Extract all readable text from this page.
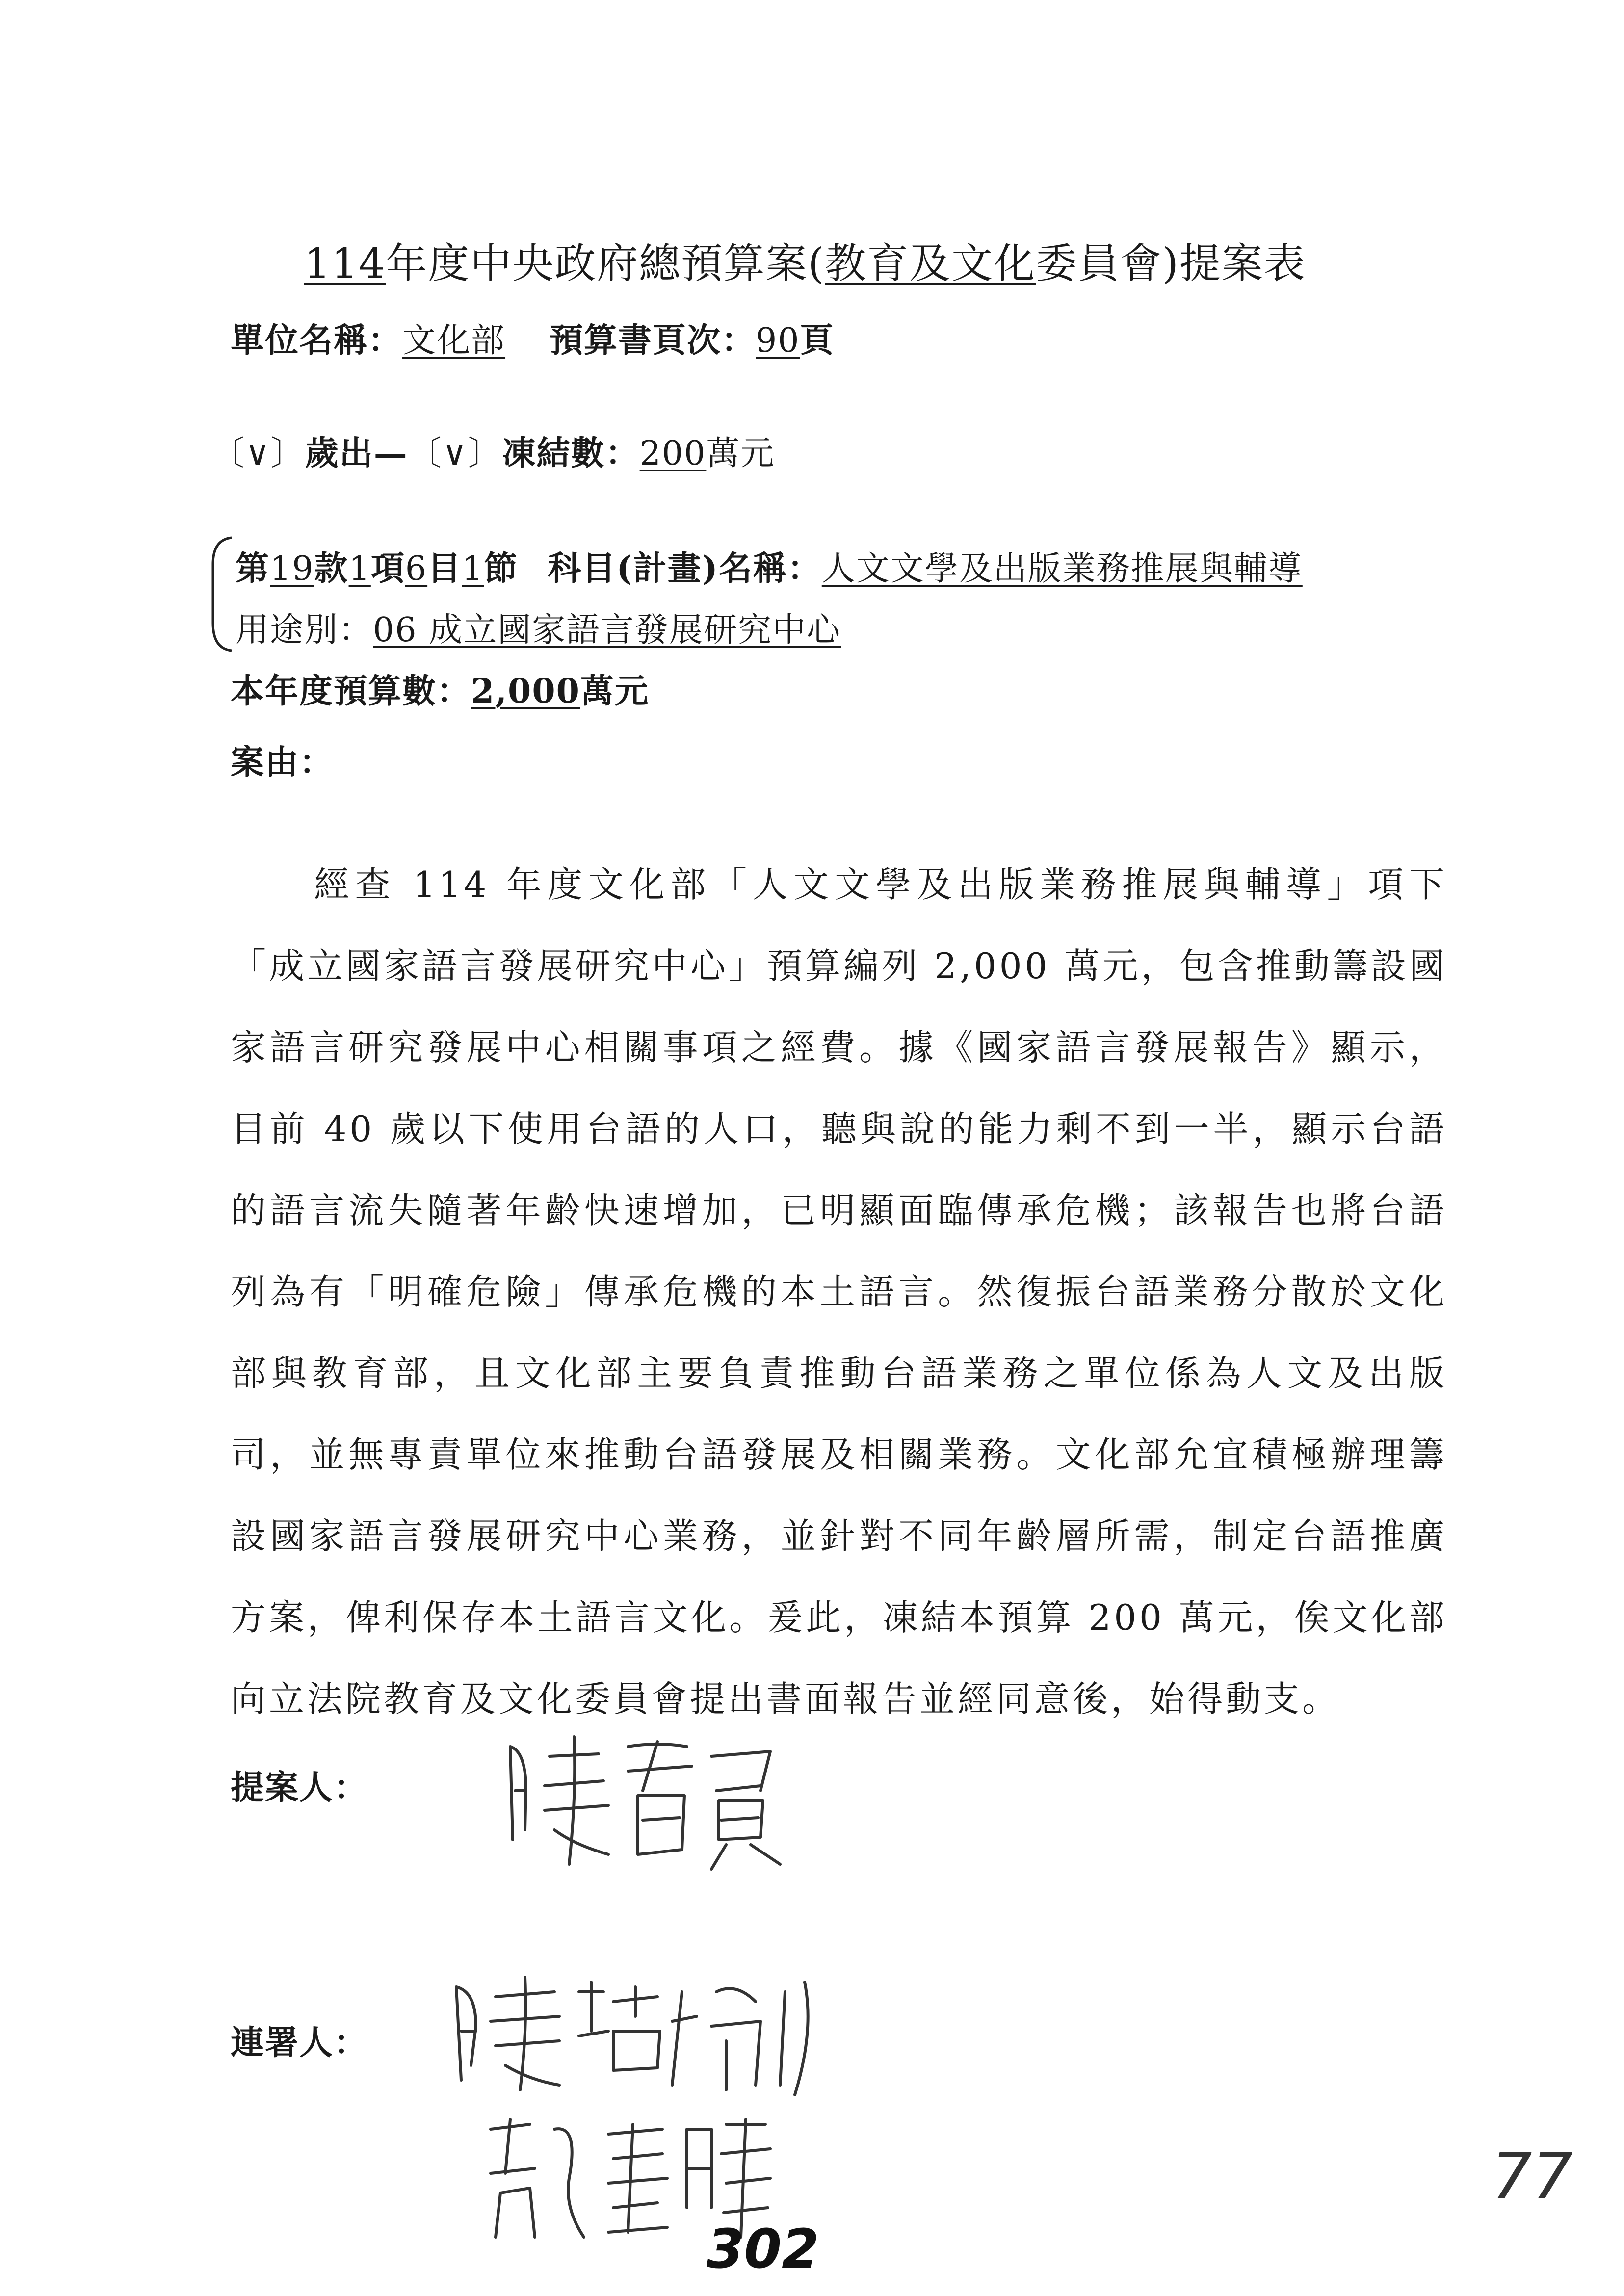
114年度中央政府總預算案(教育及文化委員會)提案表
單位名稱：文化部 預算書頁次：90頁
〔∨〕歲出—〔∨〕凍結數：200萬元
第19款1項6目1節 科目(計畫)名稱：人文文學及出版業務推展與輔導
用途別：06 成立國家語言發展研究中心
本年度預算數：2,000萬元
案由：
經查 114 年度文化部「人文文學及出版業務推展與輔導」項下「成立國家語言發展研究中心」預算編列 2,000 萬元，包含推動籌設國家語言研究發展中心相關事項之經費。據《國家語言發展報告》顯示，目前 40 歲以下使用台語的人口，聽與說的能力剩不到一半，顯示台語的語言流失隨著年齡快速增加，已明顯面臨傳承危機；該報告也將台語列為有「明確危險」傳承危機的本土語言。然復振台語業務分散於文化部與教育部，且文化部主要負責推動台語業務之單位係為人文及出版司，並無專責單位來推動台語發展及相關業務。文化部允宜積極辦理籌設國家語言發展研究中心業務，並針對不同年齡層所需，制定台語推廣方案，俾利保存本土語言文化。爰此，凍結本預算 200 萬元，俟文化部向立法院教育及文化委員會提出書面報告並經同意後，始得動支。
提案人：
連署人：
302
77
